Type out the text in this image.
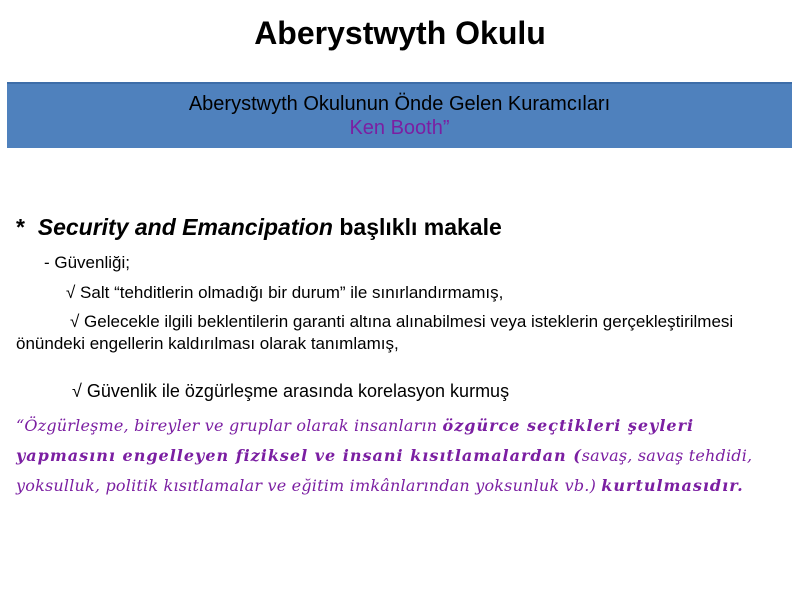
Aberystwyth Okulu
Aberystwyth Okulunun Önde Gelen Kuramcıları
Ken Booth”
* Security and Emancipation başlıklı makale
- Güvenliği;
√ Salt “tehditlerin olmadığı bir durum” ile sınırlandırmamış,
√ Gelecekle ilgili beklentilerin garanti altına alınabilmesi veya isteklerin gerçekleştirilmesi önündeki engellerin kaldırılması olarak tanımlamış,
√ Güvenlik ile özgürleşme arasında korelasyon kurmuş
“Özgürleşme, bireyler ve gruplar olarak insanların özgürce seçtikleri şeyleri yapmasını engelleyen fiziksel ve insani kısıtlamalardan (savaş, savaş tehdidi, yoksulluk, politik kısıtlamalar ve eğitim imkânlarından yoksunluk vb.) kurtulmasıdır.
